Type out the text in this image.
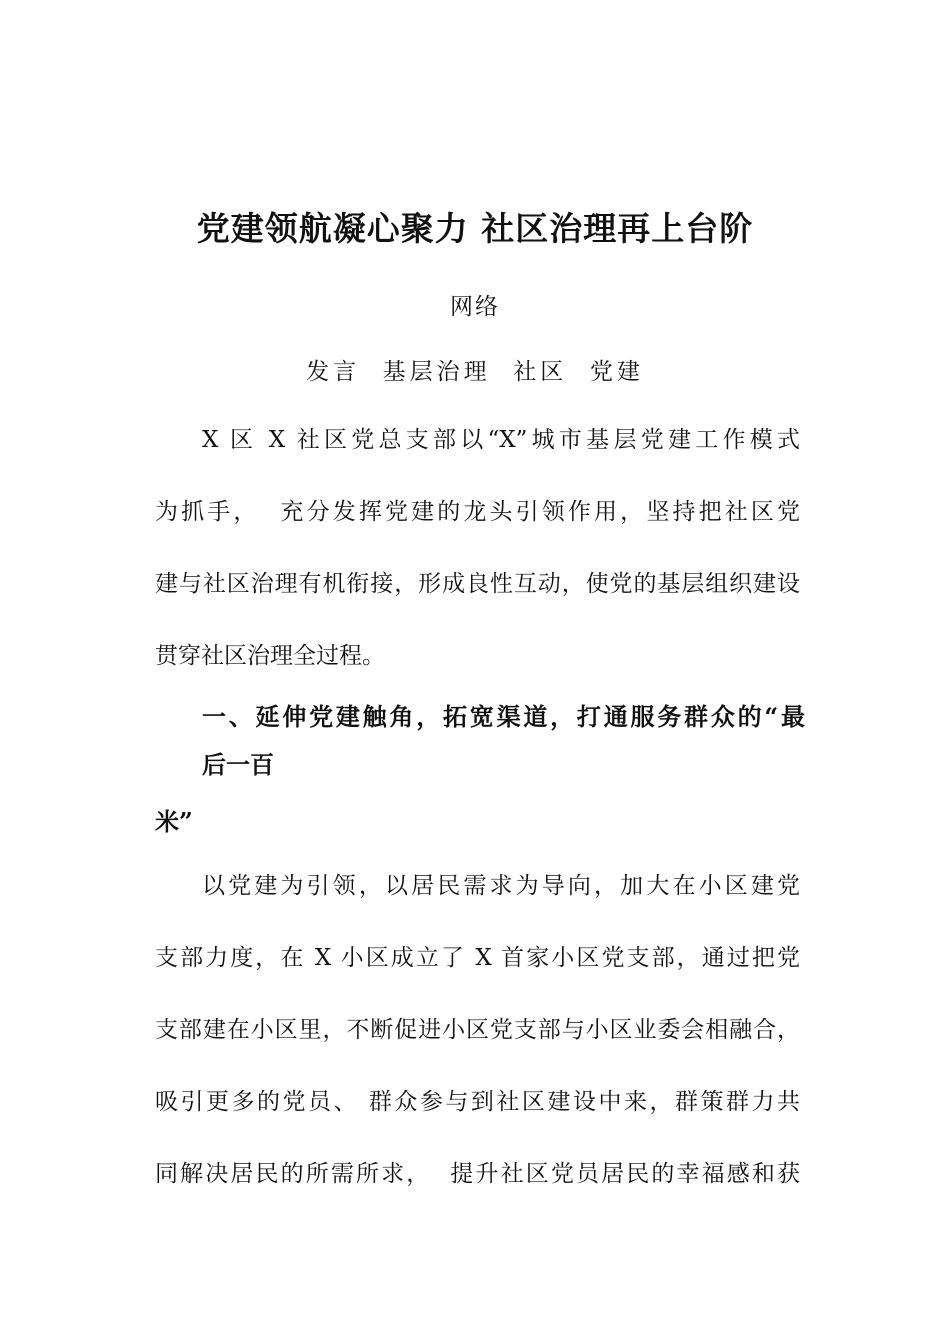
党建领航凝心聚力 社区治理再上台阶
网络
发言  基层治理  社区  党建
X 区 X 社区党总支部以“X”城市基层党建工作模式
为抓手，  充分发挥党建的龙头引领作用，坚持把社区党
建与社区治理有机衔接，形成良性互动，使党的基层组织建设
贯穿社区治理全过程。
一、延伸党建触角，拓宽渠道，打通服务群众的“最
后一百
米”
以党建为引领，以居民需求为导向，加大在小区建党
支部力度，在 X 小区成立了 X 首家小区党支部，通过把党
支部建在小区里，不断促进小区党支部与小区业委会相融合，
吸引更多的党员、 群众参与到社区建设中来，群策群力共
同解决居民的所需所求，  提升社区党员居民的幸福感和获
